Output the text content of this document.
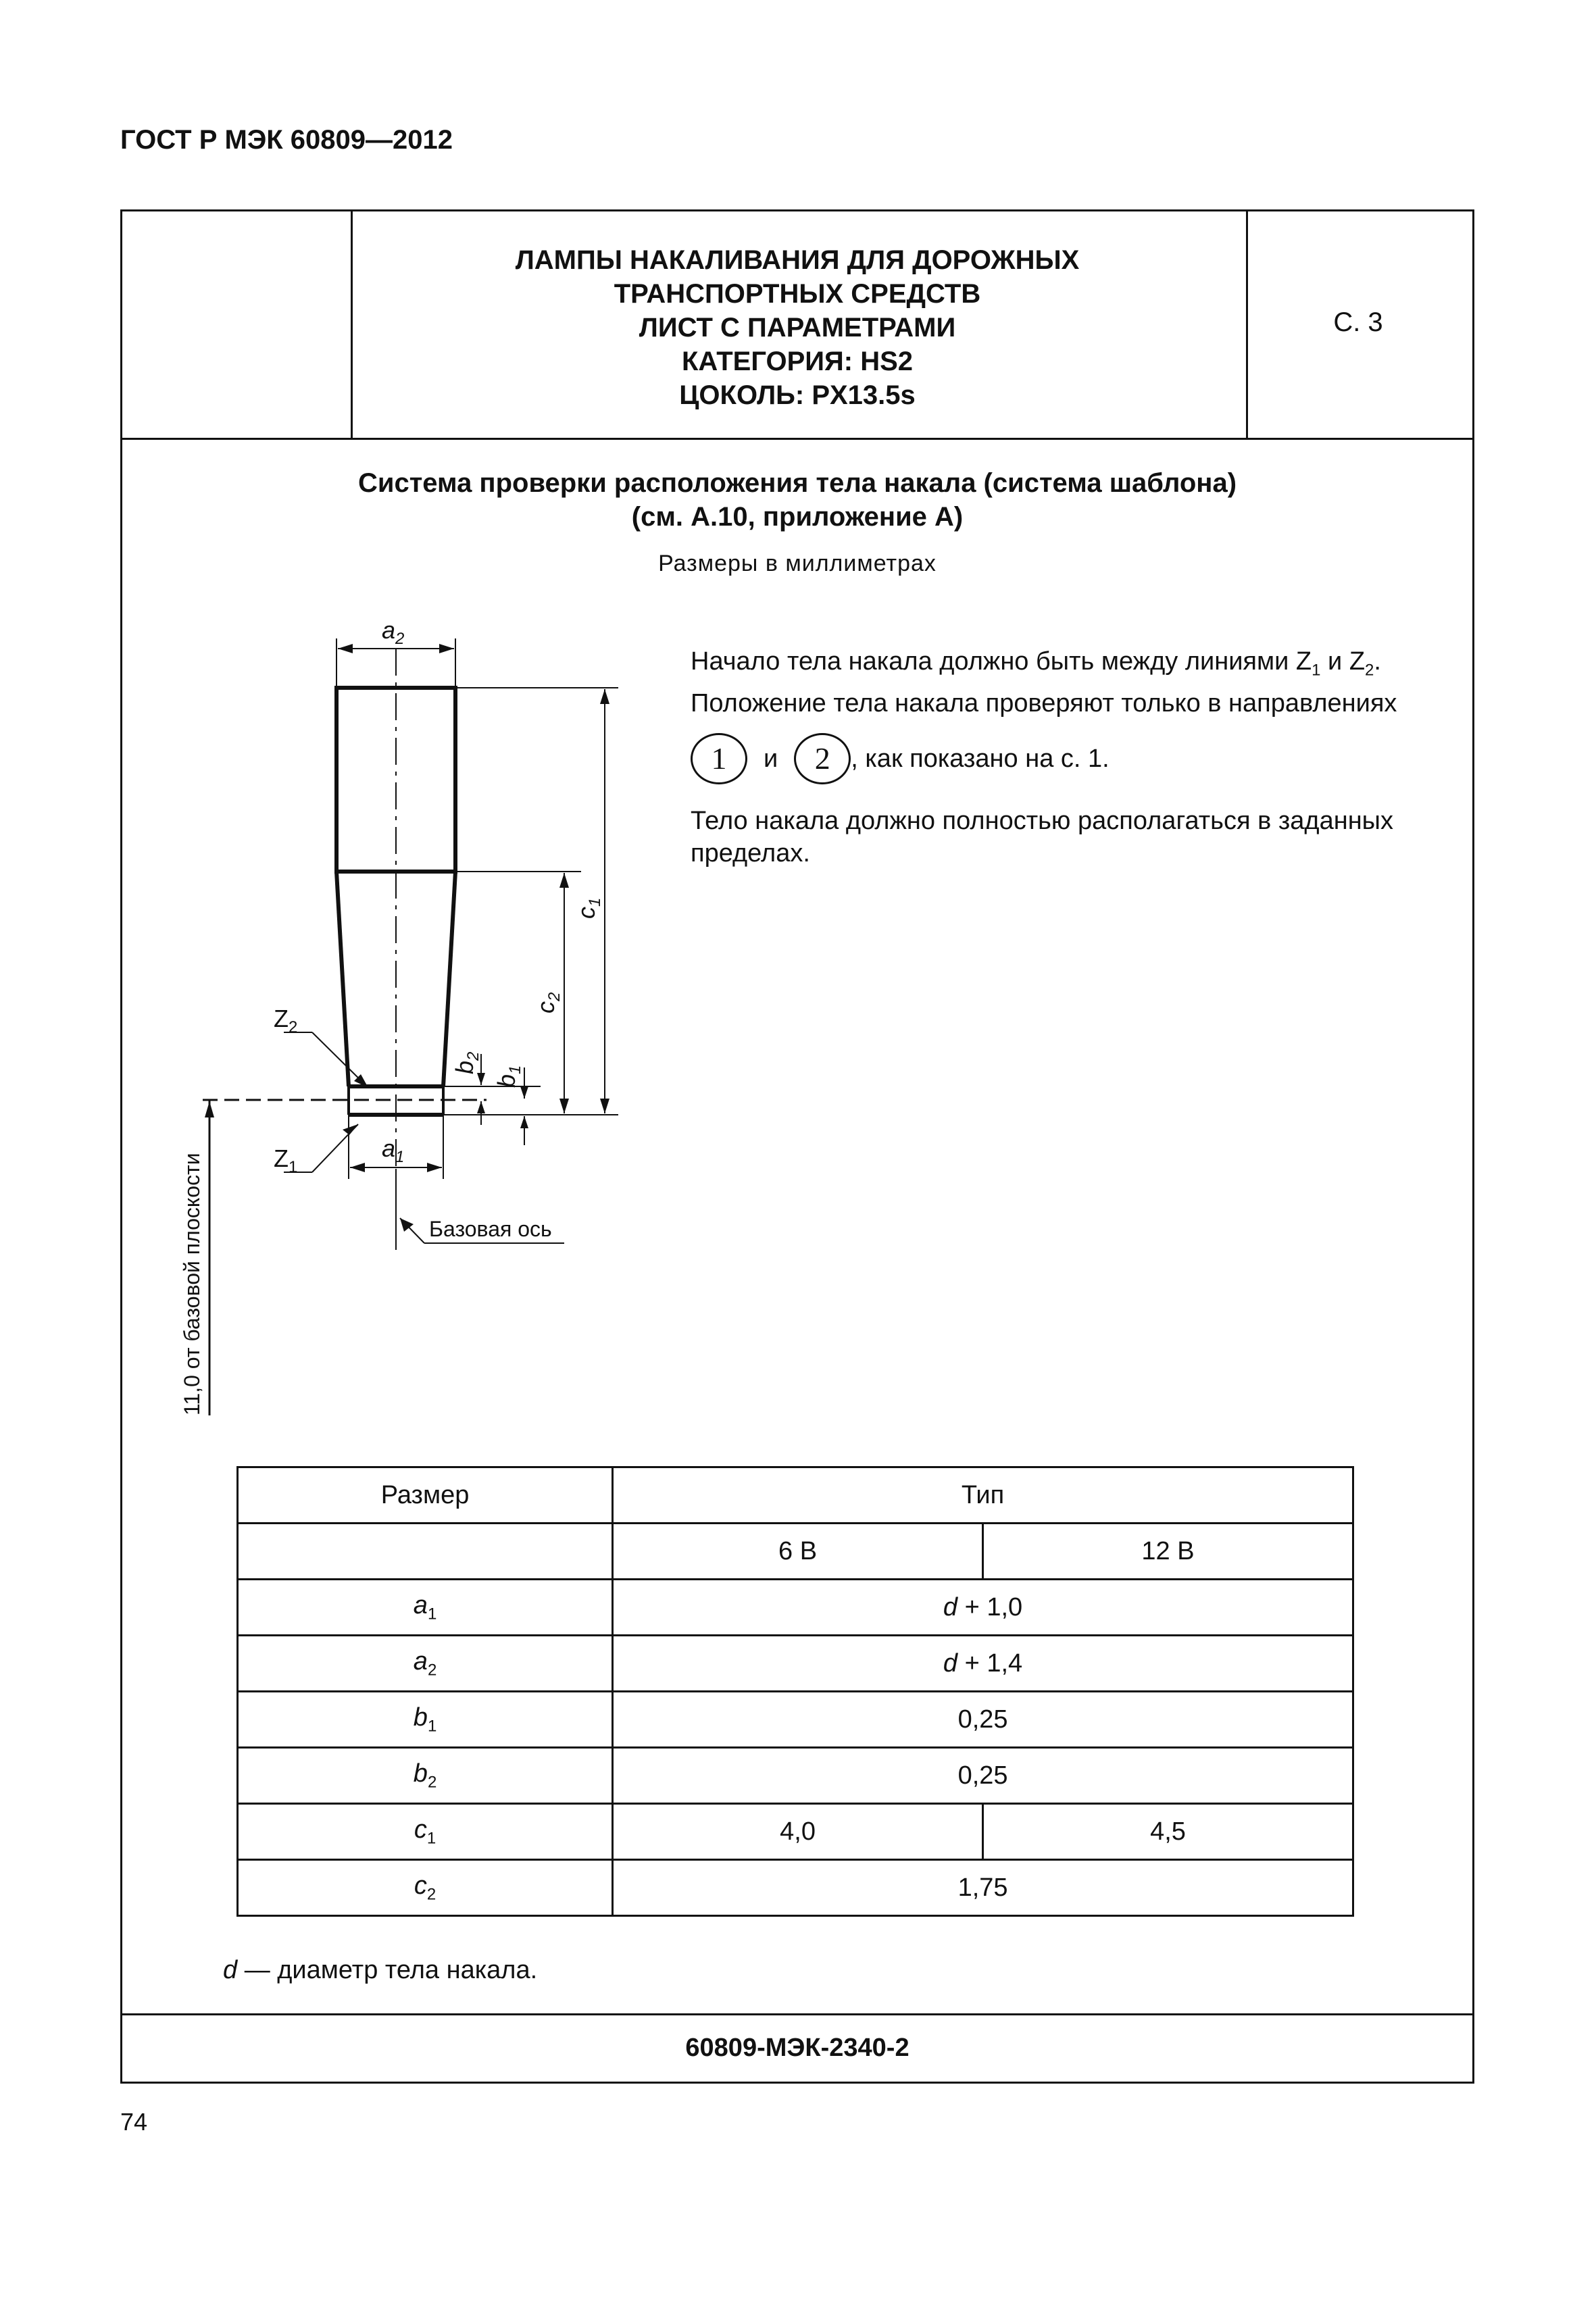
ГОСТ Р МЭК 60809—2012
ЛАМПЫ НАКАЛИВАНИЯ ДЛЯ ДОРОЖНЫХ
ТРАНСПОРТНЫХ СРЕДСТВ
ЛИСТ С ПАРАМЕТРАМИ
КАТЕГОРИЯ: HS2
ЦОКОЛЬ: PX13.5s
С. 3
Система проверки расположения тела накала (система шаблона)
(см. А.10, приложение А)
Размеры в миллиметрах
$a_2$
$a_1$
$Z_2$
$Z_1$
$c_1$
$c_2$
$b_2$
$b_1$
Базовая ось
11,0 от базовой плоскости

Начало тела накала должно быть между линиями $Z_1$ и $Z_2$.

Положение тела накала проверяют только в направлениях

1	и	2 , как показано на с. 1.

Тело накала должно полностью располагаться в заданных пределах.

Размер	Тип	
	6 В	12 В
$a_1$	d + 1,0	
$a_2$	d + 1,4	
$b_1$	0,25	
$b_2$	0,25	
$c_1$	4,0	4,5
$c_2$	1,75	
d — диаметр тела накала.
60809-МЭК-2340-2
74
